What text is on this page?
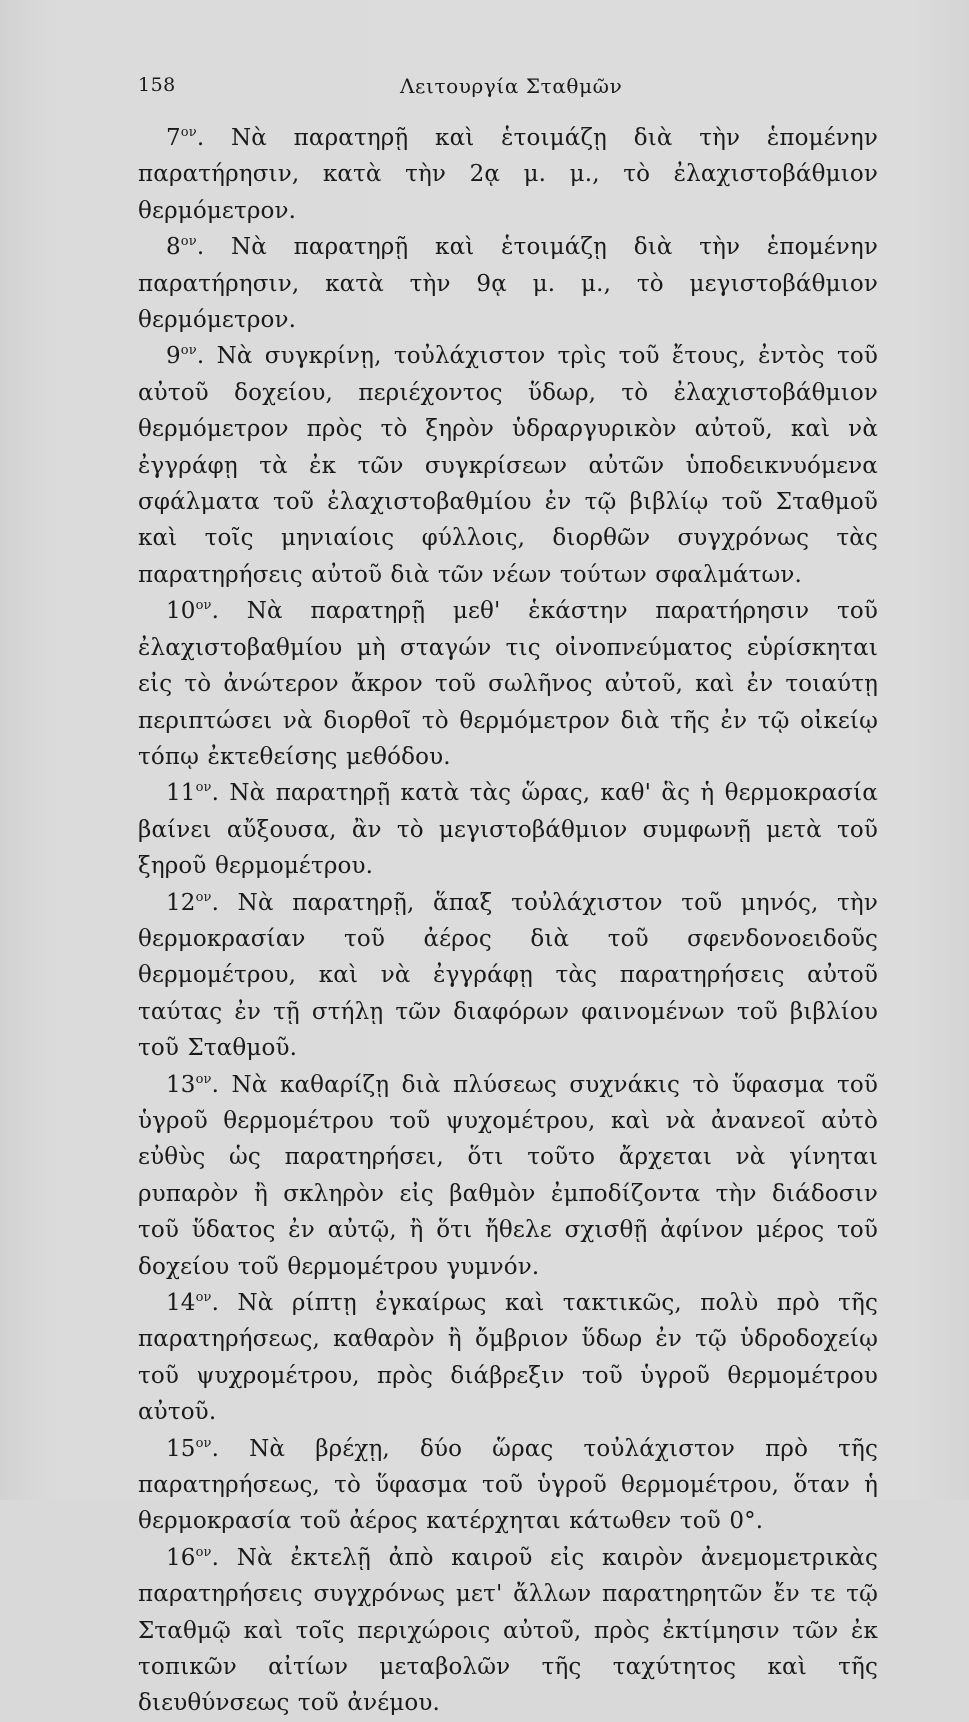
158	Λειτουργία Σταθμῶν

$7^{o\nu}$. Νὰ παρατηρῇ καὶ ἑτοιμάζῃ διὰ τὴν ἑπομένην παρατήρησιν, κατὰ τὴν 2ᾳ μ. μ., τὸ ἐλαχιστοβάθμιον θερμόμετρον.

$8^{o\nu}$. Νὰ παρατηρῇ καὶ ἑτοιμάζῃ διὰ τὴν ἑπομένην παρατήρησιν, κατὰ τὴν 9ᾳ μ. μ., τὸ μεγιστοβάθμιον θερμόμετρον.

$9^{o\nu}$. Νὰ συγκρίνῃ, τοὐλάχιστον τρὶς τοῦ ἔτους, ἐντὸς τοῦ αὐτοῦ δοχείου, περιέχοντος ὕδωρ, τὸ ἐλαχιστοβάθμιον θερμόμετρον πρὸς τὸ ξηρὸν ὑδραργυρικὸν αὐτοῦ, καὶ νὰ ἐγγράφῃ τὰ ἐκ τῶν συγκρίσεων αὐτῶν ὑποδεικνυόμενα σφάλματα τοῦ ἐλαχιστοβαθμίου ἐν τῷ βιβλίῳ τοῦ Σταθμοῦ καὶ τοῖς μηνιαίοις φύλλοις, διορθῶν συγχρόνως τὰς παρατηρήσεις αὐτοῦ διὰ τῶν νέων τούτων σφαλμάτων.

$10^{o\nu}$. Νὰ παρατηρῇ μεθ' ἑκάστην παρατήρησιν τοῦ ἐλαχιστοβαθμίου μὴ σταγών τις οἰνοπνεύματος εὑρίσκηται εἰς τὸ ἀνώτερον ἄκρον τοῦ σωλῆνος αὐτοῦ, καὶ ἐν τοιαύτῃ περιπτώσει νὰ διορθοῖ τὸ θερμόμετρον διὰ τῆς ἐν τῷ οἰκείῳ τόπῳ ἐκτεθείσης μεθόδου.

$11^{o\nu}$. Νὰ παρατηρῇ κατὰ τὰς ὥρας, καθ' ἃς ἡ θερμοκρασία βαίνει αὔξουσα, ἂν τὸ μεγιστοβάθμιον συμφωνῇ μετὰ τοῦ ξηροῦ θερμομέτρου.

$12^{o\nu}$. Νὰ παρατηρῇ, ἅπαξ τοὐλάχιστον τοῦ μηνός, τὴν θερμοκρασίαν τοῦ ἀέρος διὰ τοῦ σφενδονοειδοῦς θερμομέτρου, καὶ νὰ ἐγγράφῃ τὰς παρατηρήσεις αὐτοῦ ταύτας ἐν τῇ στήλῃ τῶν διαφόρων φαινομένων τοῦ βιβλίου τοῦ Σταθμοῦ.

$13^{o\nu}$. Νὰ καθαρίζῃ διὰ πλύσεως συχνάκις τὸ ὕφασμα τοῦ ὑγροῦ θερμομέτρου τοῦ ψυχομέτρου, καὶ νὰ ἀνανεοῖ αὐτὸ εὐθὺς ὡς παρατηρήσει, ὅτι τοῦτο ἄρχεται νὰ γίνηται ρυπαρὸν ἢ σκληρὸν εἰς βαθμὸν ἐμποδίζοντα τὴν διάδοσιν τοῦ ὕδατος ἐν αὐτῷ, ἢ ὅτι ἤθελε σχισθῇ ἀφίνον μέρος τοῦ δοχείου τοῦ θερμομέτρου γυμνόν.

$14^{o\nu}$. Νὰ ρίπτῃ ἐγκαίρως καὶ τακτικῶς, πολὺ πρὸ τῆς παρατηρήσεως, καθαρὸν ἢ ὄμβριον ὕδωρ ἐν τῷ ὑδροδοχείῳ τοῦ ψυχρομέτρου, πρὸς διάβρεξιν τοῦ ὑγροῦ θερμομέτρου αὐτοῦ.

$15^{o\nu}$. Νὰ βρέχῃ, δύο ὥρας τοὐλάχιστον πρὸ τῆς παρατηρήσεως, τὸ ὕφασμα τοῦ ὑγροῦ θερμομέτρου, ὅταν ἡ θερμοκρασία τοῦ ἀέρος κατέρχηται κάτωθεν τοῦ 0°.

$16^{o\nu}$. Νὰ ἐκτελῇ ἀπὸ καιροῦ εἰς καιρὸν ἀνεμομετρικὰς παρατηρήσεις συγχρόνως μετ' ἄλλων παρατηρητῶν ἔν τε τῷ Σταθμῷ καὶ τοῖς περιχώροις αὐτοῦ, πρὸς ἐκτίμησιν τῶν ἐκ τοπικῶν αἰτίων μεταβολῶν τῆς ταχύτητος καὶ τῆς διευθύνσεως τοῦ ἀνέμου.
